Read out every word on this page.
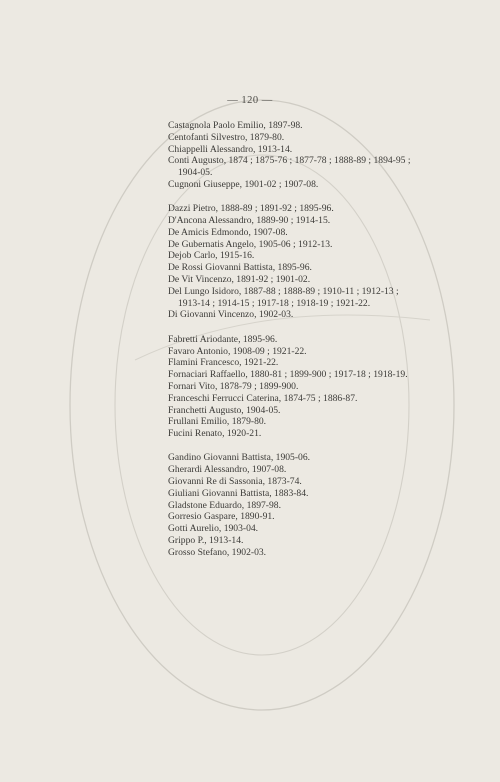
— 120 —
Castagnola Paolo Emilio, 1897-98.
Centofanti Silvestro, 1879-80.
Chiappelli Alessandro, 1913-14.
Conti Augusto, 1874 ; 1875-76 ; 1877-78 ; 1888-89 ; 1894-95 ;
1904-05.
Cugnoni Giuseppe, 1901-02 ; 1907-08.
Dazzi Pietro, 1888-89 ; 1891-92 ; 1895-96.
D'Ancona Alessandro, 1889-90 ; 1914-15.
De Amicis Edmondo, 1907-08.
De Gubernatis Angelo, 1905-06 ; 1912-13.
Dejob Carlo, 1915-16.
De Rossi Giovanni Battista, 1895-96.
De Vit Vincenzo, 1891-92 ; 1901-02.
Del Lungo Isidoro, 1887-88 ; 1888-89 ; 1910-11 ; 1912-13 ;
1913-14 ; 1914-15 ; 1917-18 ; 1918-19 ; 1921-22.
Di Giovanni Vincenzo, 1902-03.
Fabretti Ariodante, 1895-96.
Favaro Antonio, 1908-09 ; 1921-22.
Flamini Francesco, 1921-22.
Fornaciari Raffaello, 1880-81 ; 1899-900 ; 1917-18 ; 1918-19.
Fornari Vito, 1878-79 ; 1899-900.
Franceschi Ferrucci Caterina, 1874-75 ; 1886-87.
Franchetti Augusto, 1904-05.
Frullani Emilio, 1879-80.
Fucini Renato, 1920-21.
Gandino Giovanni Battista, 1905-06.
Gherardi Alessandro, 1907-08.
Giovanni Re di Sassonia, 1873-74.
Giuliani Giovanni Battista, 1883-84.
Gladstone Eduardo, 1897-98.
Gorresio Gaspare, 1890-91.
Gotti Aurelio, 1903-04.
Grippo P., 1913-14.
Grosso Stefano, 1902-03.
